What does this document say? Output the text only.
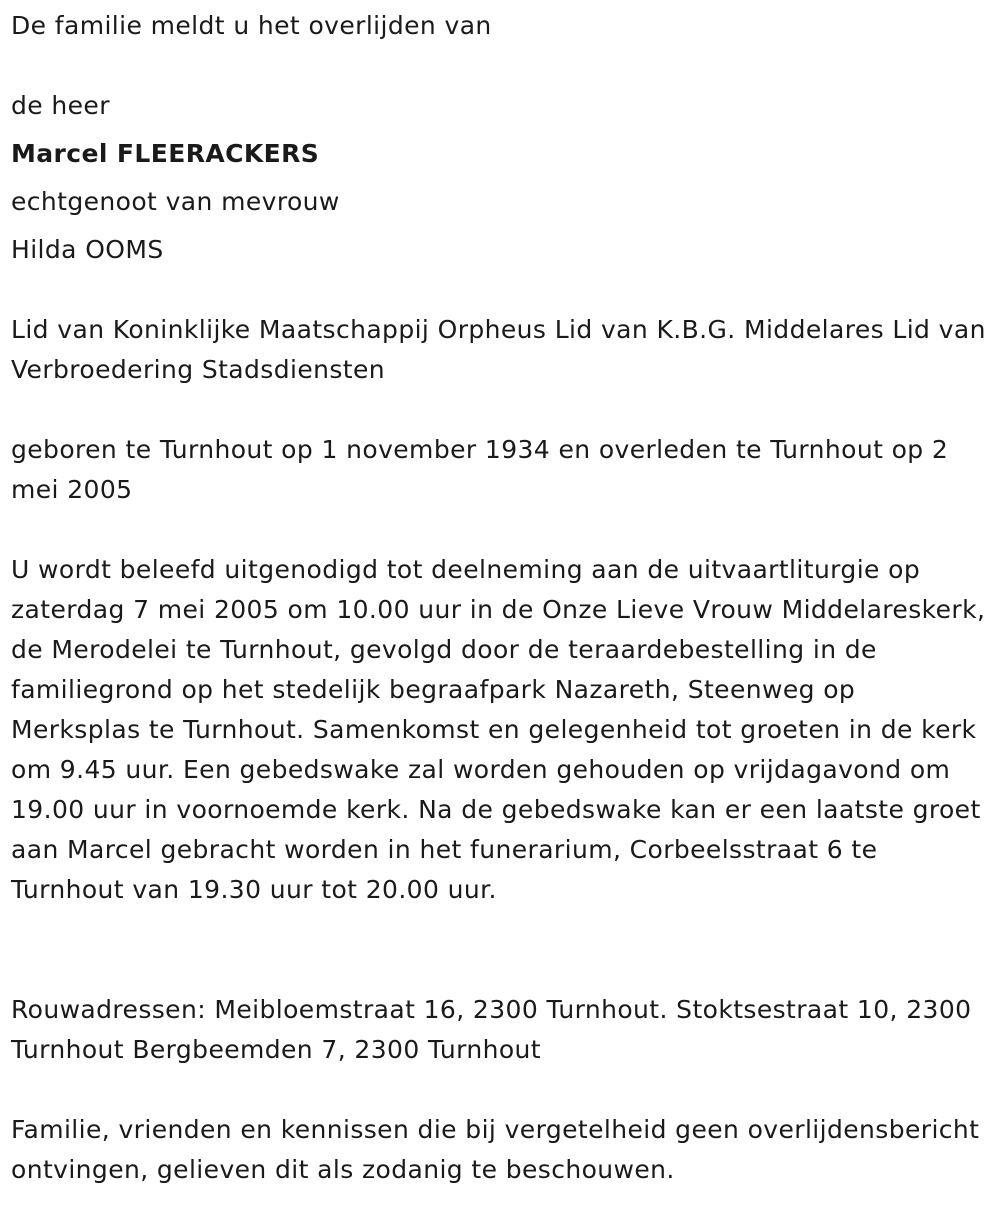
De familie meldt u het overlijden van
de heer
Marcel FLEERACKERS
echtgenoot van mevrouw
Hilda OOMS
Lid van Koninklijke Maatschappij Orpheus Lid van K.B.G. Middelares Lid van Verbroedering Stadsdiensten
geboren te Turnhout op 1 november 1934 en overleden te Turnhout op 2 mei 2005
U wordt beleefd uitgenodigd tot deelneming aan de uitvaartliturgie op zaterdag 7 mei 2005 om 10.00 uur in de Onze Lieve Vrouw Middelareskerk, de Merodelei te Turnhout, gevolgd door de teraardebestelling in de familiegrond op het stedelijk begraafpark Nazareth, Steenweg op Merksplas te Turnhout. Samenkomst en gelegenheid tot groeten in de kerk om 9.45 uur. Een gebedswake zal worden gehouden op vrijdagavond om 19.00 uur in voornoemde kerk. Na de gebedswake kan er een laatste groet aan Marcel gebracht worden in het funerarium, Corbeelsstraat 6 te Turnhout van 19.30 uur tot 20.00 uur.
Rouwadressen: Meibloemstraat 16, 2300 Turnhout. Stoktsestraat 10, 2300 Turnhout Bergbeemden 7, 2300 Turnhout
Familie, vrienden en kennissen die bij vergetelheid geen overlijdensbericht ontvingen, gelieven dit als zodanig te beschouwen.
